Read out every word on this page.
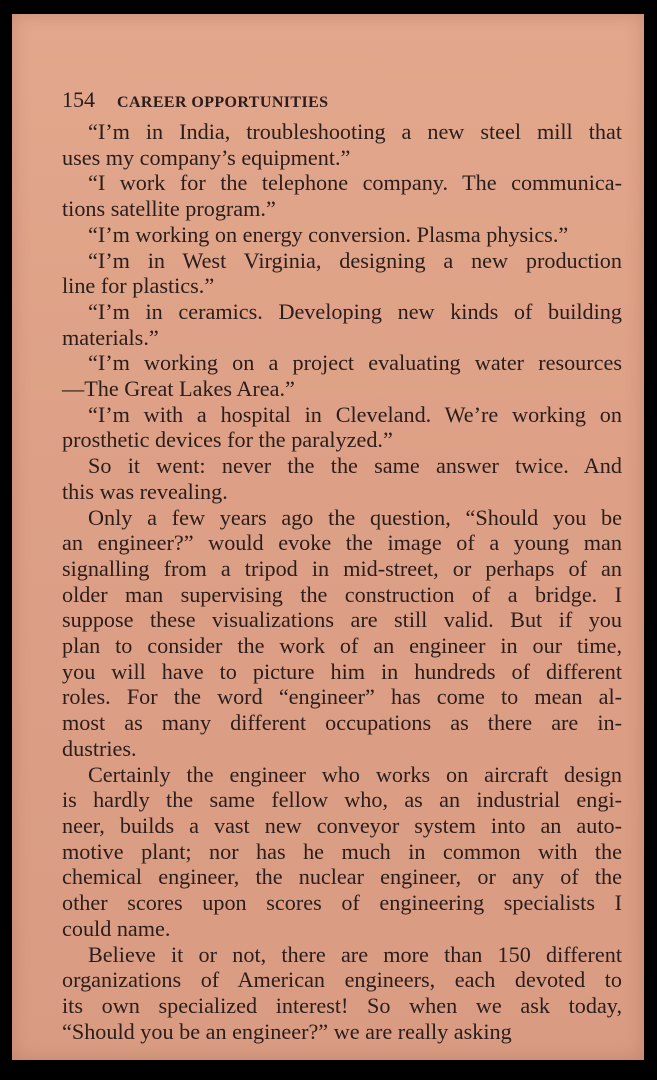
154 CAREER OPPORTUNITIES

“I’m in India, troubleshooting a new steel mill that
uses my company’s equipment.”

“I work for the telephone company. The communica-
tions satellite program.”

“I’m working on energy conversion. Plasma physics.”

“I’m in West Virginia, designing a new production
line for plastics.”

“I’m in ceramics. Developing new kinds of building
materials.”

“I’m working on a project evaluating water resources
—The Great Lakes Area.”

“I’m with a hospital in Cleveland. We’re working on
prosthetic devices for the paralyzed.”

So it went: never the the same answer twice. And
this was revealing.

Only a few years ago the question, “Should you be
an engineer?” would evoke the image of a young man
signalling from a tripod in mid-street, or perhaps of an
older man supervising the construction of a bridge. I
suppose these visualizations are still valid. But if you
plan to consider the work of an engineer in our time,
you will have to picture him in hundreds of different
roles. For the word “engineer” has come to mean al-
most as many different occupations as there are in-
dustries.

Certainly the engineer who works on aircraft design
is hardly the same fellow who, as an industrial engi-
neer, builds a vast new conveyor system into an auto-
motive plant; nor has he much in common with the
chemical engineer, the nuclear engineer, or any of the
other scores upon scores of engineering specialists I
could name.

Believe it or not, there are more than 150 different
organizations of American engineers, each devoted to
its own specialized interest! So when we ask today,
“Should you be an engineer?” we are really asking
